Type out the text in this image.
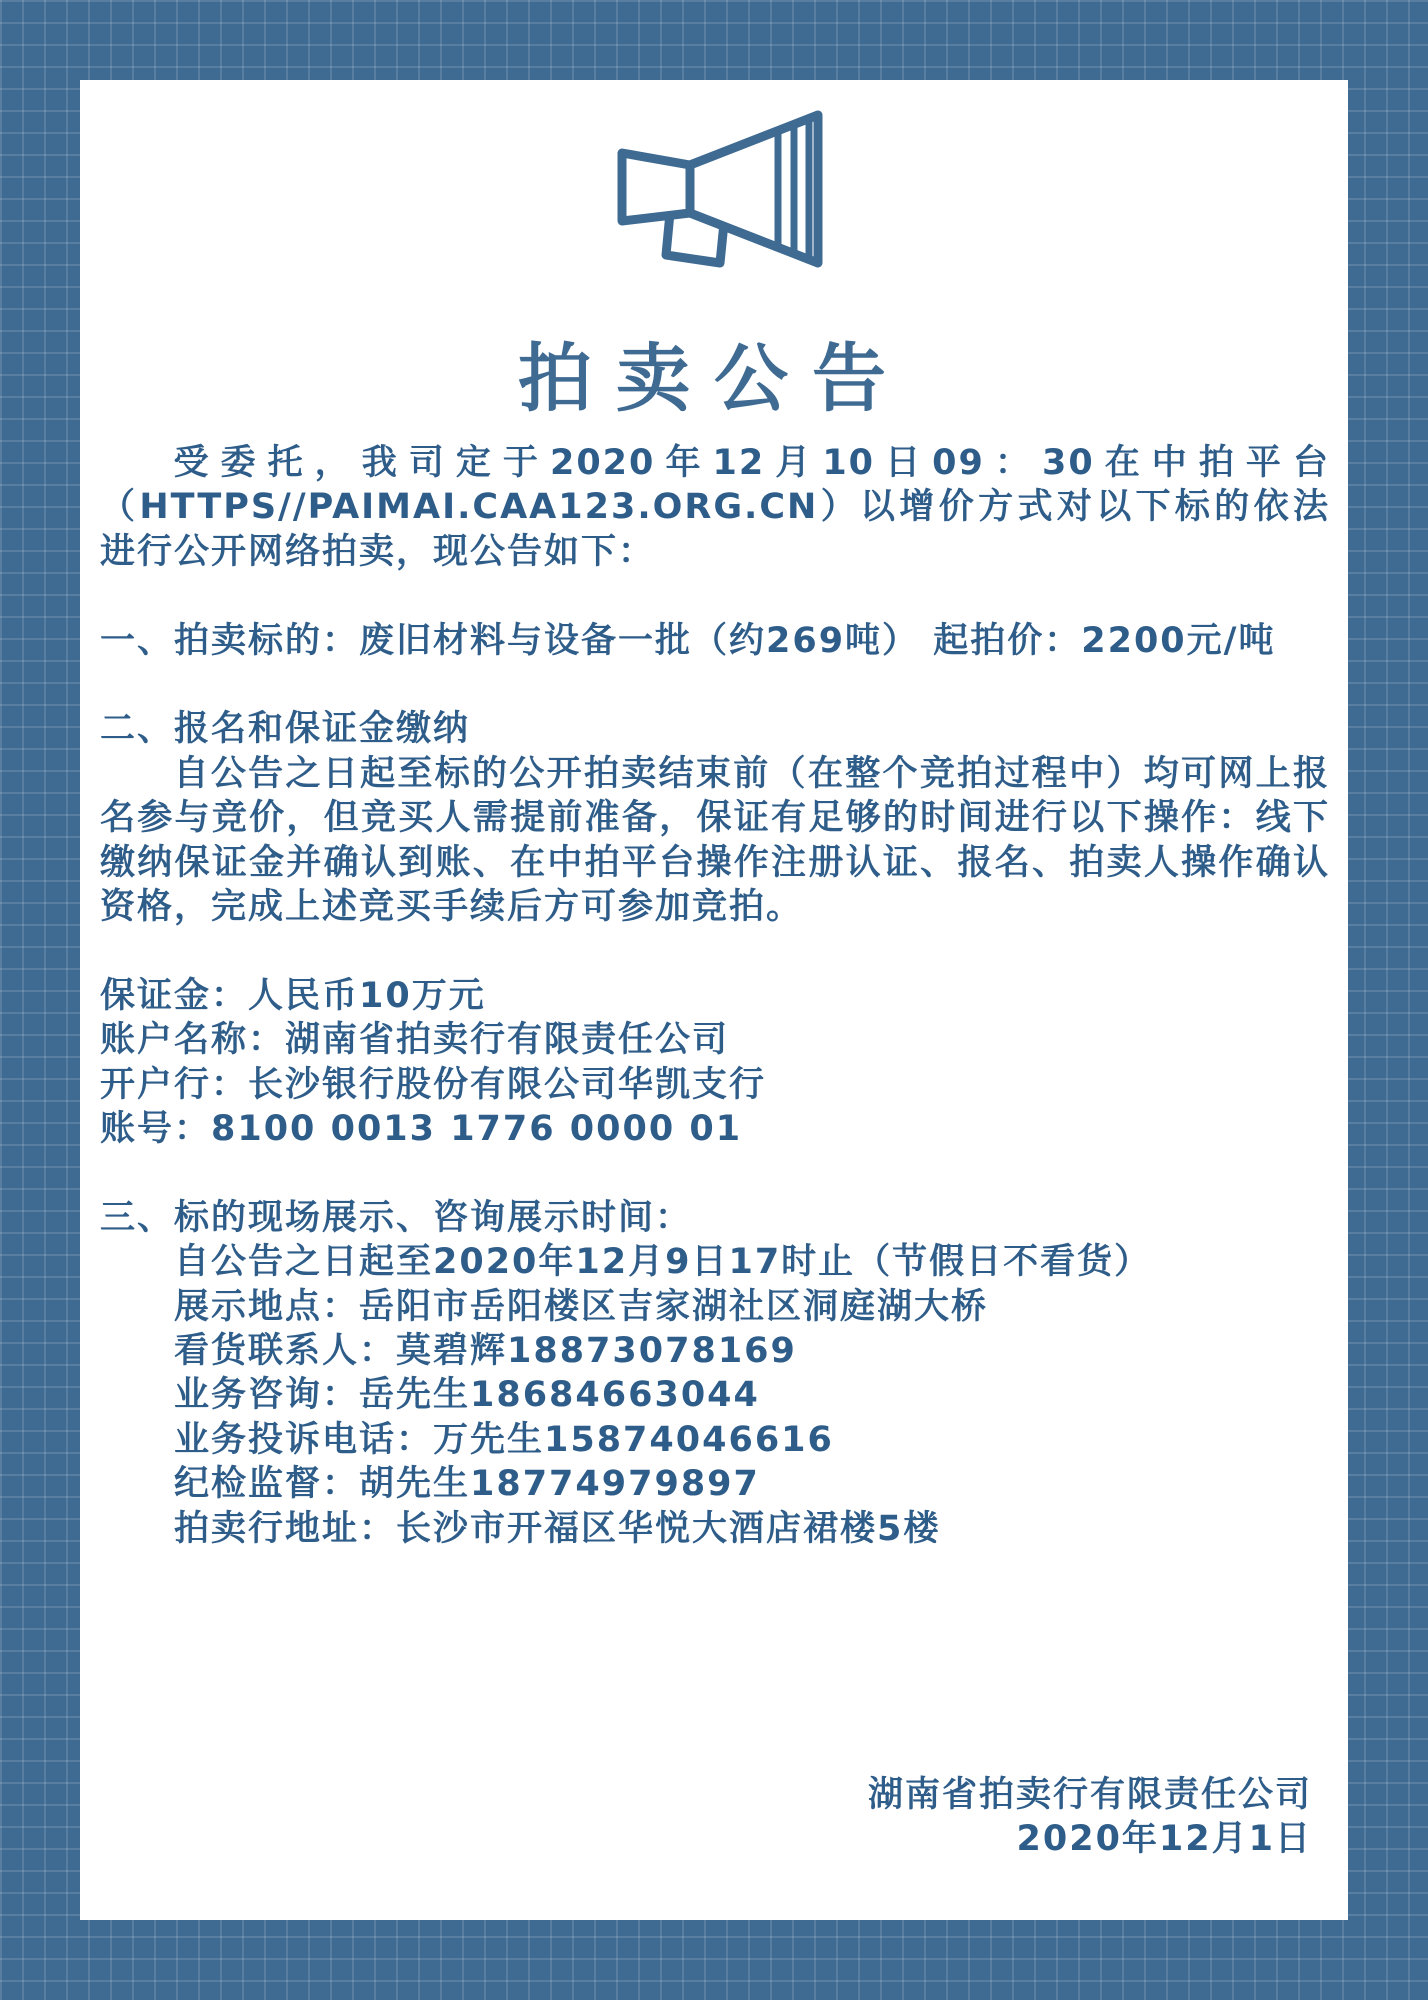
拍卖公告

受委托，我司定于2020年12月10日09：30在中拍平台（HTTPS//PAIMAI.CAA123.ORG.CN）以增价方式对以下标的依法进行公开网络拍卖，现公告如下：

一、拍卖标的：废旧材料与设备一批（约269吨） 起拍价：2200元/吨

二、报名和保证金缴纳

自公告之日起至标的公开拍卖结束前（在整个竞拍过程中）均可网上报名参与竞价，但竞买人需提前准备，保证有足够的时间进行以下操作：线下缴纳保证金并确认到账、在中拍平台操作注册认证、报名、拍卖人操作确认资格，完成上述竞买手续后方可参加竞拍。

保证金：人民币10万元

账户名称：湖南省拍卖行有限责任公司

开户行：长沙银行股份有限公司华凯支行

账号：8100 0013 1776 0000 01

三、标的现场展示、咨询展示时间：

自公告之日起至2020年12月9日17时止（节假日不看货）

展示地点：岳阳市岳阳楼区吉家湖社区洞庭湖大桥

看货联系人：莫碧辉18873078169

业务咨询：岳先生18684663044

业务投诉电话：万先生15874046616

纪检监督：胡先生18774979897

拍卖行地址：长沙市开福区华悦大酒店裙楼5楼

湖南省拍卖行有限责任公司

2020年12月1日
